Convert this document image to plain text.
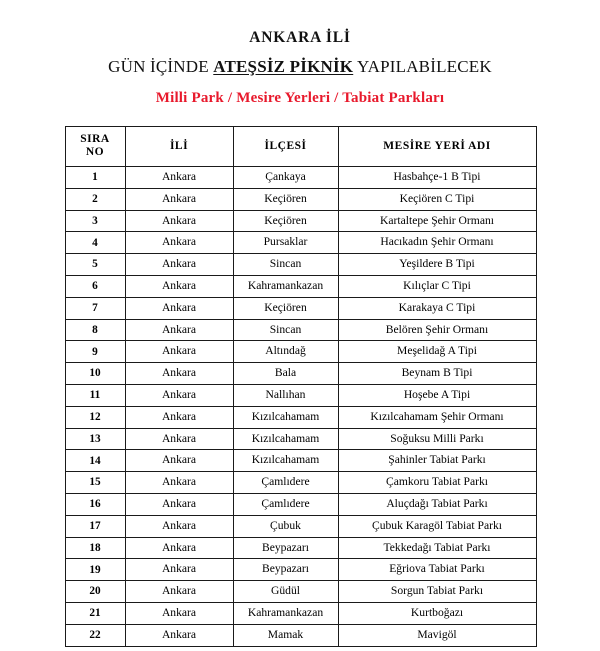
ANKARA İLİ
GÜN İÇİNDE ATEŞSİZ PİKNİK YAPILABİLECEK
Milli Park / Mesire Yerleri / Tabiat Parkları
SIRA
NO	İLİ	İLÇESİ	MESİRE YERİ ADI
1	Ankara	Çankaya	Hasbahçe-1 B Tipi
2	Ankara	Keçiören	Keçiören C Tipi
3	Ankara	Keçiören	Kartaltepe Şehir Ormanı
4	Ankara	Pursaklar	Hacıkadın Şehir Ormanı
5	Ankara	Sincan	Yeşildere B Tipi
6	Ankara	Kahramankazan	Kılıçlar C Tipi
7	Ankara	Keçiören	Karakaya C Tipi
8	Ankara	Sincan	Belören Şehir Ormanı
9	Ankara	Altındağ	Meşelidağ A Tipi
10	Ankara	Bala	Beynam B Tipi
11	Ankara	Nallıhan	Hoşebe A Tipi
12	Ankara	Kızılcahamam	Kızılcahamam Şehir Ormanı
13	Ankara	Kızılcahamam	Soğuksu Milli Parkı
14	Ankara	Kızılcahamam	Şahinler Tabiat Parkı
15	Ankara	Çamlıdere	Çamkoru Tabiat Parkı
16	Ankara	Çamlıdere	Aluçdağı Tabiat Parkı
17	Ankara	Çubuk	Çubuk Karagöl Tabiat Parkı
18	Ankara	Beypazarı	Tekkedağı Tabiat Parkı
19	Ankara	Beypazarı	Eğriova Tabiat Parkı
20	Ankara	Güdül	Sorgun Tabiat Parkı
21	Ankara	Kahramankazan	Kurtboğazı
22	Ankara	Mamak	Mavigöl
